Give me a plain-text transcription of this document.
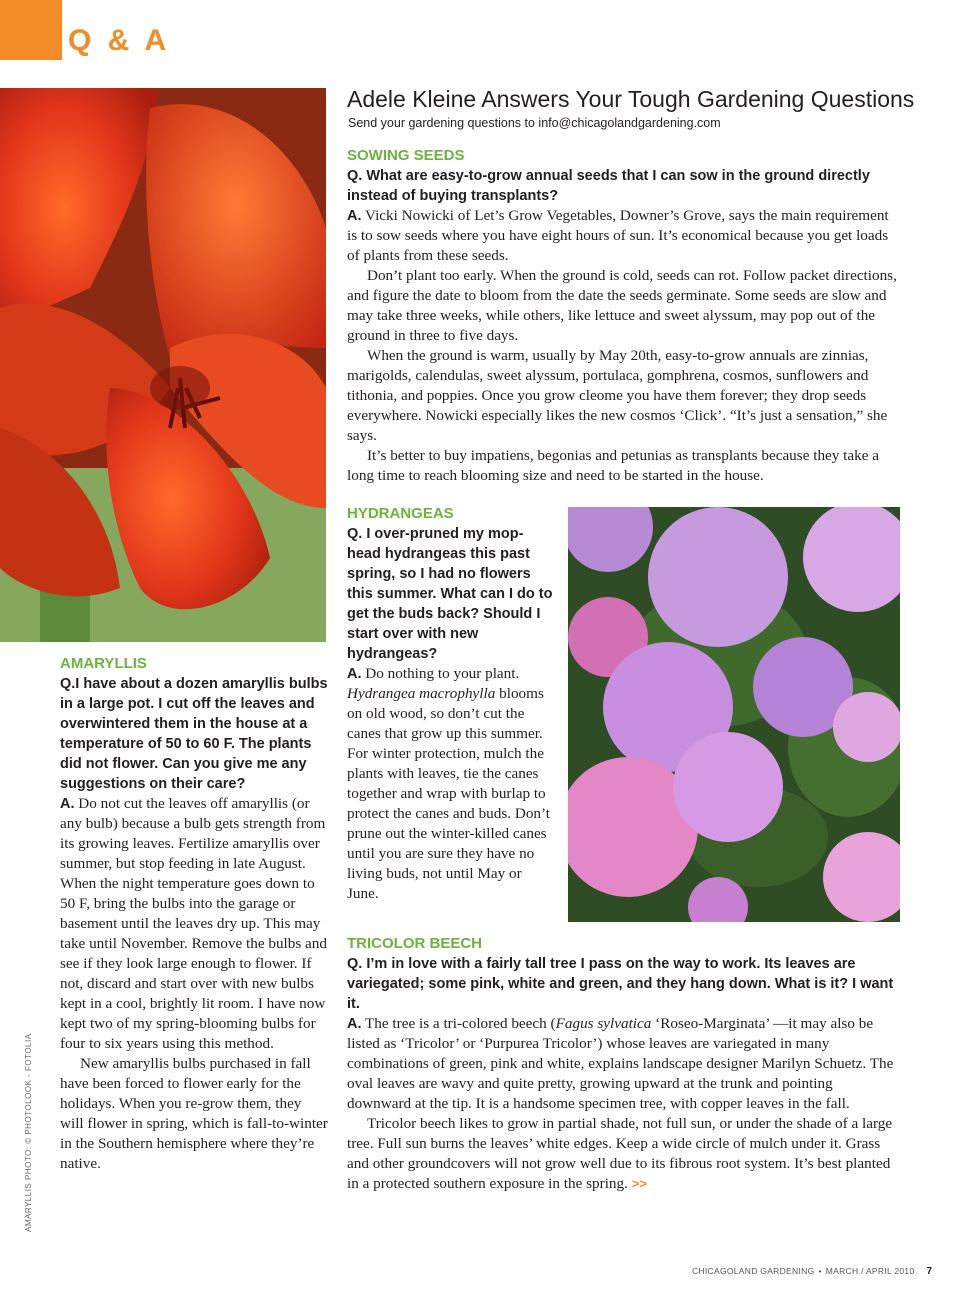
Q & A
AMARYLLIS PHOTO: © PHOTOLOOK - FOTOLIA
Adele Kleine Answers Your Tough Gardening Questions
Send your gardening questions to info@chicagolandgardening.com

SOWING SEEDS

Q. What are easy-to-grow annual seeds that I can sow in the ground directly instead of buying transplants?

A. Vicki Nowicki of Let’s Grow Vegetables, Downer’s Grove, says the main requirement is to sow seeds where you have eight hours of sun. It’s economical because you get loads of plants from these seeds.

Don’t plant too early. When the ground is cold, seeds can rot. Follow packet directions, and figure the date to bloom from the date the seeds germinate. Some seeds are slow and may take three weeks, while others, like lettuce and sweet alyssum, may pop out of the ground in three to five days.

When the ground is warm, usually by May 20th, easy-to-grow annuals are zinnias, marigolds, calendulas, sweet alyssum, portulaca, gomphrena, cosmos, sunflowers and tithonia, and poppies. Once you grow cleome you have them forever; they drop seeds everywhere. Nowicki especially likes the new cosmos ‘Click’. “It’s just a sensation,” she says.

It’s better to buy impatiens, begonias and petunias as transplants because they take a long time to reach blooming size and need to be started in the house.

HYDRANGEAS

Q. I over-pruned my mop-head hydrangeas this past spring, so I had no flowers this summer. What can I do to get the buds back? Should I start over with new hydrangeas?

A. Do nothing to your plant. Hydrangea macrophylla blooms on old wood, so don’t cut the canes that grow up this summer. For winter protection, mulch the plants with leaves, tie the canes together and wrap with burlap to protect the canes and buds. Don’t prune out the winter-killed canes until you are sure they have no living buds, not until May or June.

TRICOLOR BEECH

Q. I’m in love with a fairly tall tree I pass on the way to work. Its leaves are variegated; some pink, white and green, and they hang down. What is it? I want it.

A. The tree is a tri-colored beech (Fagus sylvatica ‘Roseo-Marginata’ —it may also be listed as ‘Tricolor’ or ‘Purpurea Tricolor’) whose leaves are variegated in many combinations of green, pink and white, explains landscape designer Marilyn Schuetz. The oval leaves are wavy and quite pretty, growing upward at the trunk and pointing downward at the tip. It is a handsome specimen tree, with copper leaves in the fall.

Tricolor beech likes to grow in partial shade, not full sun, or under the shade of a large tree. Full sun burns the leaves’ white edges. Keep a wide circle of mulch under it. Grass and other groundcovers will not grow well due to its fibrous root system. It’s best planted in a protected southern exposure in the spring. >>

AMARYLLIS

Q.I have about a dozen amaryllis bulbs in a large pot. I cut off the leaves and overwintered them in the house at a temperature of 50 to 60 F. The plants did not flower. Can you give me any suggestions on their care?

A. Do not cut the leaves off amaryllis (or any bulb) because a bulb gets strength from its growing leaves. Fertilize amaryllis over summer, but stop feeding in late August. When the night temperature goes down to 50 F, bring the bulbs into the garage or basement until the leaves dry up. This may take until November. Remove the bulbs and see if they look large enough to flower. If not, discard and start over with new bulbs kept in a cool, brightly lit room. I have now kept two of my spring-blooming bulbs for four to six years using this method.

New amaryllis bulbs purchased in fall have been forced to flower early for the holidays. When you re-grow them, they will flower in spring, which is fall-to-winter in the Southern hemisphere where they’re native.

CHICAGOLAND GARDENING • MARCH / APRIL 2010 7
